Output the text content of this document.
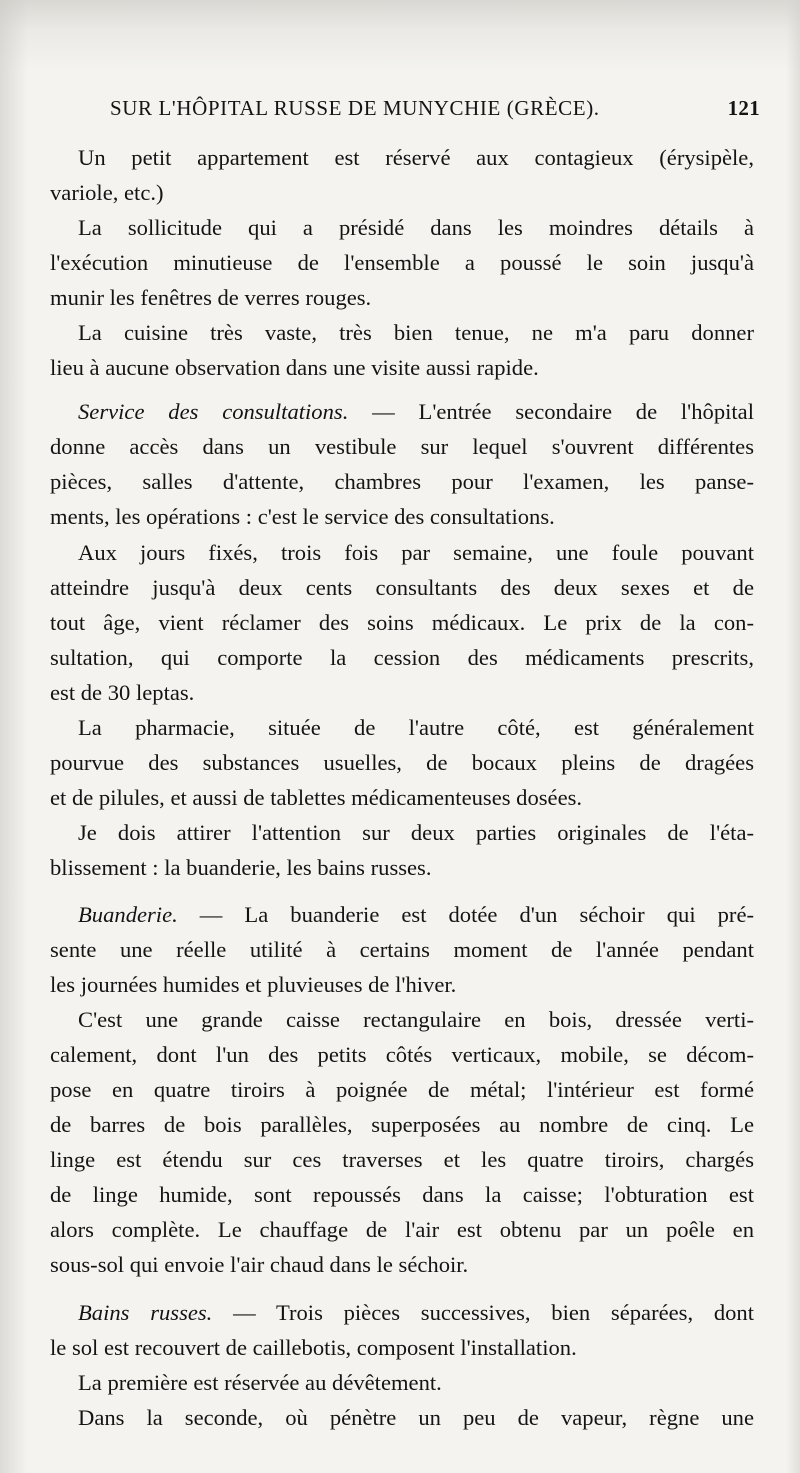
SUR L'HÔPITAL RUSSE DE MUNYCHIE (GRÈCE).	121
Un petit appartement est réservé aux contagieux (érysipèle,
variole, etc.)
La sollicitude qui a présidé dans les moindres détails à
l'exécution minutieuse de l'ensemble a poussé le soin jusqu'à
munir les fenêtres de verres rouges.
La cuisine très vaste, très bien tenue, ne m'a paru donner
lieu à aucune observation dans une visite aussi rapide.
Service des consultations. — L'entrée secondaire de l'hôpital
donne accès dans un vestibule sur lequel s'ouvrent différentes
pièces, salles d'attente, chambres pour l'examen, les panse-
ments, les opérations : c'est le service des consultations.
Aux jours fixés, trois fois par semaine, une foule pouvant
atteindre jusqu'à deux cents consultants des deux sexes et de
tout âge, vient réclamer des soins médicaux. Le prix de la con-
sultation, qui comporte la cession des médicaments prescrits,
est de 30 leptas.
La pharmacie, située de l'autre côté, est généralement
pourvue des substances usuelles, de bocaux pleins de dragées
et de pilules, et aussi de tablettes médicamenteuses dosées.
Je dois attirer l'attention sur deux parties originales de l'éta-
blissement : la buanderie, les bains russes.
Buanderie. — La buanderie est dotée d'un séchoir qui pré-
sente une réelle utilité à certains moment de l'année pendant
les journées humides et pluvieuses de l'hiver.
C'est une grande caisse rectangulaire en bois, dressée verti-
calement, dont l'un des petits côtés verticaux, mobile, se décom-
pose en quatre tiroirs à poignée de métal; l'intérieur est formé
de barres de bois parallèles, superposées au nombre de cinq. Le
linge est étendu sur ces traverses et les quatre tiroirs, chargés
de linge humide, sont repoussés dans la caisse; l'obturation est
alors complète. Le chauffage de l'air est obtenu par un poêle en
sous-sol qui envoie l'air chaud dans le séchoir.
Bains russes. — Trois pièces successives, bien séparées, dont
le sol est recouvert de caillebotis, composent l'installation.
La première est réservée au dévêtement.
Dans la seconde, où pénètre un peu de vapeur, règne une
